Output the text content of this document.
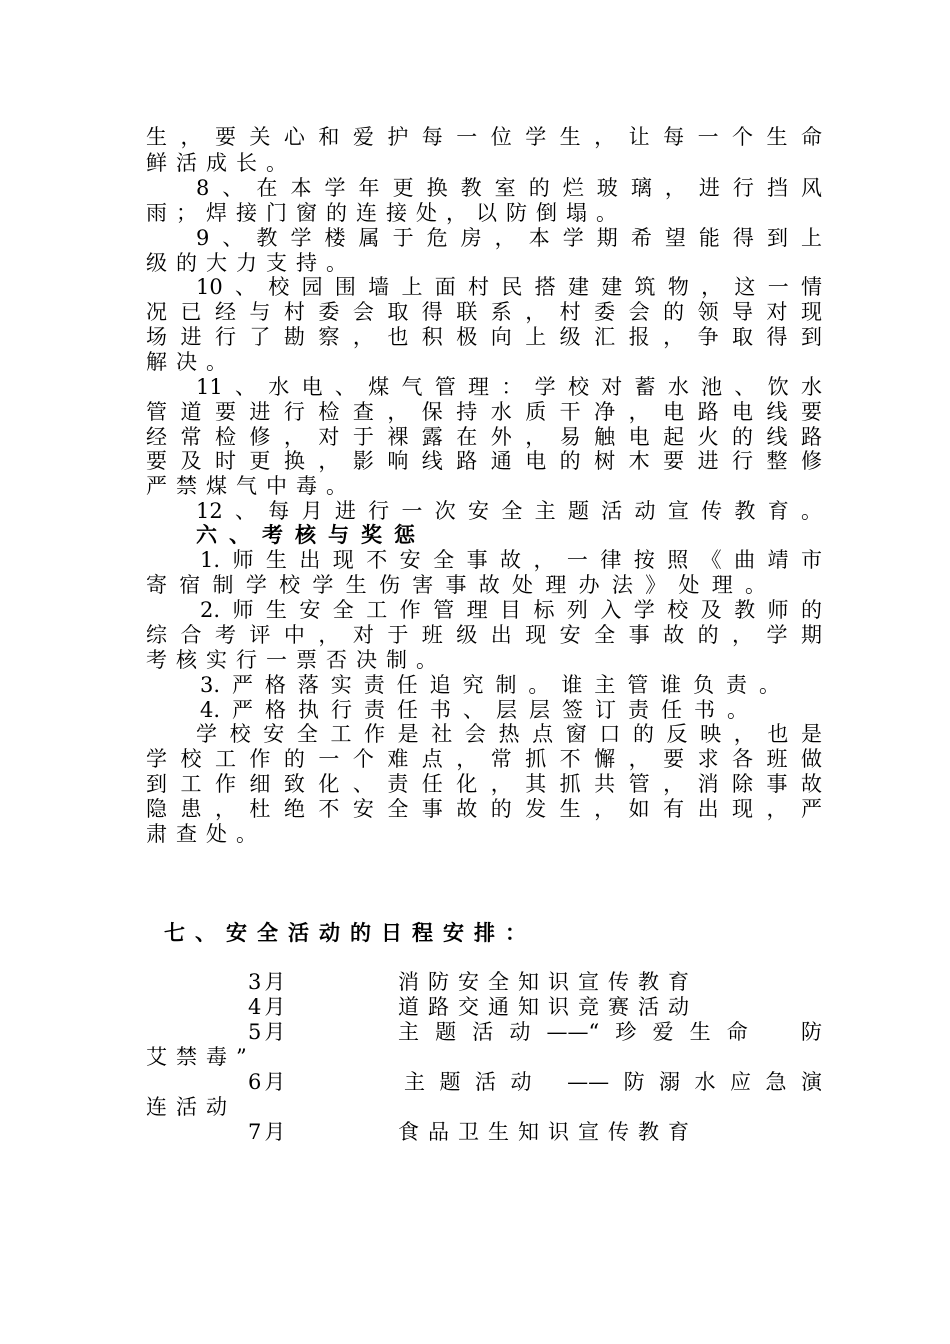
生，要关心和爱护每一位学生，让每一个生命
鲜活成长。
8、在本学年更换教室的烂玻璃，进行挡风
雨；焊接门窗的连接处，以防倒塌。
9、教学楼属于危房，本学期希望能得到上
级的大力支持。
10、校园围墙上面村民搭建建筑物，这一情
况已经与村委会取得联系，村委会的领导对现
场进行了勘察，也积极向上级汇报，争取得到
解决。
11、水电、煤气管理：学校对蓄水池、饮水
管道要进行检查，保持水质干净，电路电线要
经常检修，对于裸露在外，易触电起火的线路
要及时更换，影响线路通电的树木要进行整修
严禁煤气中毒。
12、每月进行一次安全主题活动宣传教育。
六、考核与奖惩
1.师生出现不安全事故，一律按照《曲靖市
寄宿制学校学生伤害事故处理办法》处理。
2.师生安全工作管理目标列入学校及教师的
综合考评中，对于班级出现安全事故的，学期
考核实行一票否决制。
3.严格落实责任追究制。谁主管谁负责。
4.严格执行责任书、层层签订责任书。
学校安全工作是社会热点窗口的反映，也是
学校工作的一个难点，常抓不懈，要求各班做
到工作细致化、责任化，其抓共管，消除事故
隐患，杜绝不安全事故的发生，如有出现，严
肃查处。
七、安全活动的日程安排：
3月	消防安全知识宣传教育
4月	道路交通知识竞赛活动
5月	主题活动——“珍爱生命　防
艾禁毒”
6月	主题活动 ——防溺水应急演
连活动
7月	食品卫生知识宣传教育
